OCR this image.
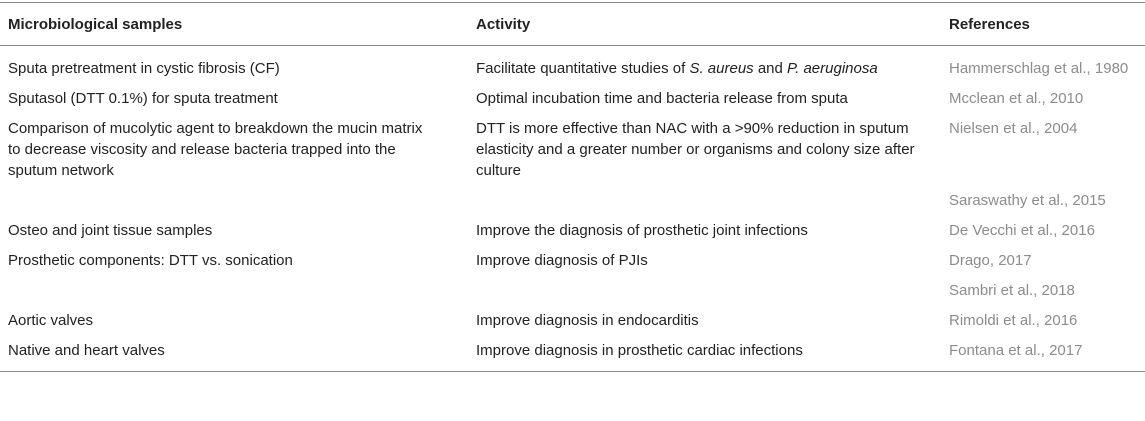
Microbiological samples	Activity	References
Sputa pretreatment in cystic fibrosis (CF)	Facilitate quantitative studies of S. aureus and P. aeruginosa	Hammerschlag et al., 1980
Sputasol (DTT 0.1%) for sputa treatment	Optimal incubation time and bacteria release from sputa	Mcclean et al., 2010
Comparison of mucolytic agent to breakdown the mucin matrix to decrease viscosity and release bacteria trapped into the sputum network	DTT is more effective than NAC with a >90% reduction in sputum elasticity and a greater number or organisms and colony size after culture	Nielsen et al., 2004
		Saraswathy et al., 2015
Osteo and joint tissue samples	Improve the diagnosis of prosthetic joint infections	De Vecchi et al., 2016
Prosthetic components: DTT vs. sonication	Improve diagnosis of PJIs	Drago, 2017
		Sambri et al., 2018
Aortic valves	Improve diagnosis in endocarditis	Rimoldi et al., 2016
Native and heart valves	Improve diagnosis in prosthetic cardiac infections	Fontana et al., 2017
